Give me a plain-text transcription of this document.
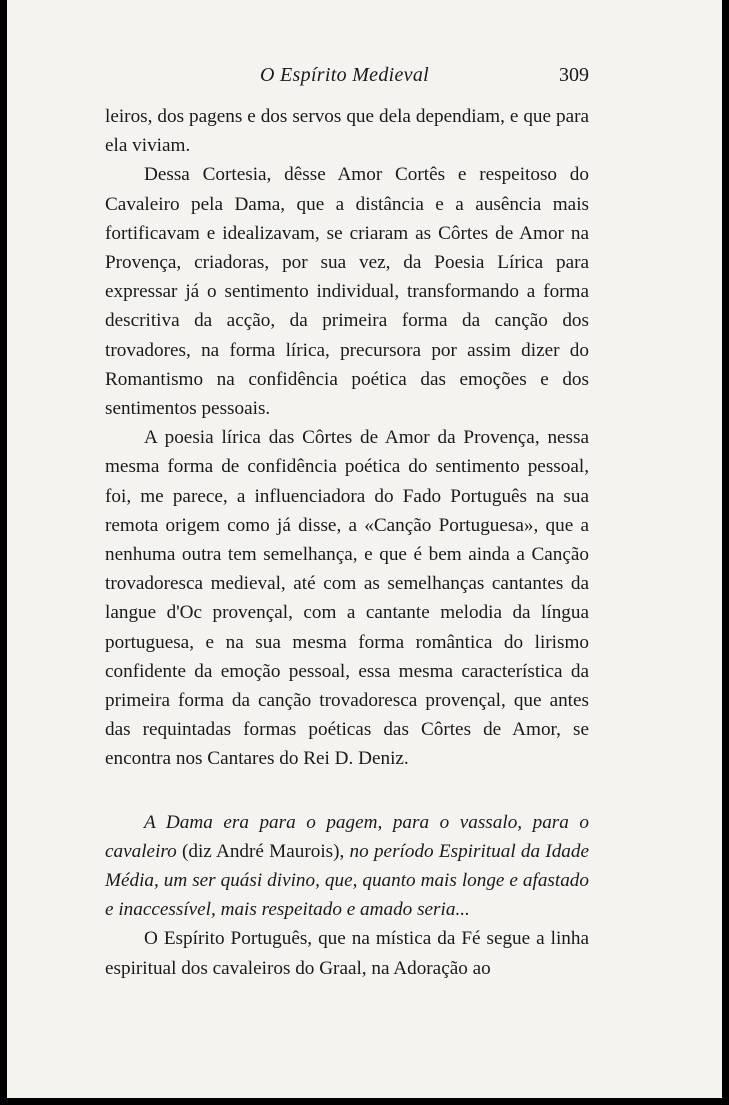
O Espírito Medieval	309

leiros, dos pagens e dos servos que dela dependiam, e que para ela viviam.

Dessa Cortesia, dêsse Amor Cortês e respeitoso do Cavaleiro pela Dama, que a distância e a ausência mais fortificavam e idealizavam, se criaram as Côrtes de Amor na Provença, criadoras, por sua vez, da Poesia Lírica para expressar já o sentimento individual, transformando a forma descritiva da acção, da primeira forma da canção dos trovadores, na forma lírica, precursora por assim dizer do Romantismo na confidência poética das emoções e dos sentimentos pessoais.

A poesia lírica das Côrtes de Amor da Provença, nessa mesma forma de confidência poética do sentimento pessoal, foi, me parece, a influenciadora do Fado Português na sua remota origem como já disse, a «Canção Portuguesa», que a nenhuma outra tem semelhança, e que é bem ainda a Canção trovadoresca medieval, até com as semelhanças cantantes da langue d'Oc provençal, com a cantante melodia da língua portuguesa, e na sua mesma forma romântica do lirismo confidente da emoção pessoal, essa mesma característica da primeira forma da canção trovadoresca provençal, que antes das requintadas formas poéticas das Côrtes de Amor, se encontra nos Cantares do Rei D. Deniz.

A Dama era para o pagem, para o vassalo, para o cavaleiro (diz André Maurois), no período Espiritual da Idade Média, um ser quási divino, que, quanto mais longe e afastado e inaccessível, mais respeitado e amado seria...

O Espírito Português, que na mística da Fé segue a linha espiritual dos cavaleiros do Graal, na Adoração ao
